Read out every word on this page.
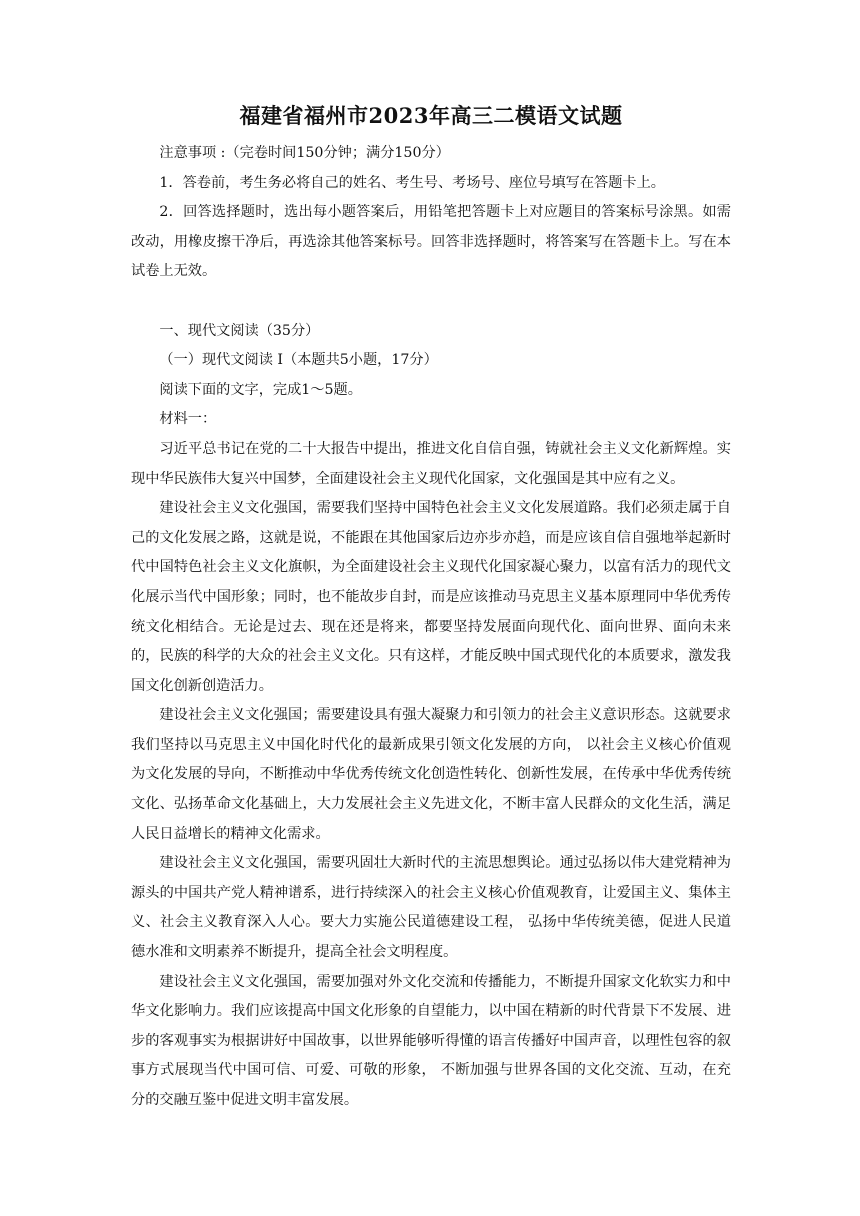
福建省福州市2023年高三二模语文试题

注意事项 :（完卷时间150分钟；满分150分）

1．答卷前，考生务必将自己的姓名、考生号、考场号、座位号填写在答题卡上。

2．回答选择题时，选出每小题答案后，用铅笔把答题卡上对应题目的答案标号涂黑。如需改动，用橡皮擦干净后，再选涂其他答案标号。回答非选择题时，将答案写在答题卡上。写在本试卷上无效。

一、现代文阅读（35分）

（一）现代文阅读 I（本题共5小题，17分）

阅读下面的文字，完成1～5题。

材料一：

习近平总书记在党的二十大报告中提出，推进文化自信自强，铸就社会主义文化新辉煌。实现中华民族伟大复兴中国梦，全面建设社会主义现代化国家，文化强国是其中应有之义。

建设社会主义文化强国，需要我们坚持中国特色社会主义文化发展道路。我们必须走属于自己的文化发展之路，这就是说，不能跟在其他国家后边亦步亦趋，而是应该自信自强地举起新时代中国特色社会主义文化旗帜，为全面建设社会主义现代化国家凝心聚力，以富有活力的现代文化展示当代中国形象；同时，也不能故步自封，而是应该推动马克思主义基本原理同中华优秀传统文化相结合。无论是过去、现在还是将来，都要坚持发展面向现代化、面向世界、面向未来的，民族的科学的大众的社会主义文化。只有这样，才能反映中国式现代化的本质要求，激发我国文化创新创造活力。

建设社会主义文化强国；需要建设具有强大凝聚力和引领力的社会主义意识形态。这就要求我们坚持以马克思主义中国化时代化的最新成果引领文化发展的方向， 以社会主义核心价值观为文化发展的导向，不断推动中华优秀传统文化创造性转化、创新性发展，在传承中华优秀传统文化、弘扬革命文化基础上，大力发展社会主义先进文化，不断丰富人民群众的文化生活，满足人民日益增长的精神文化需求。

建设社会主义文化强国，需要巩固壮大新时代的主流思想舆论。通过弘扬以伟大建党精神为源头的中国共产党人精神谱系，进行持续深入的社会主义核心价值观教育，让爱国主义、集体主义、社会主义教育深入人心。要大力实施公民道德建设工程， 弘扬中华传统美德，促进人民道德水准和文明素养不断提升，提高全社会文明程度。

建设社会主义文化强国，需要加强对外文化交流和传播能力，不断提升国家文化软实力和中华文化影响力。我们应该提高中国文化形象的自望能力，以中国在精新的时代背景下不发展、进步的客观事实为根据讲好中国故事，以世界能够听得懂的语言传播好中国声音，以理性包容的叙事方式展现当代中国可信、可爱、可敬的形象， 不断加强与世界各国的文化交流、互动，在充分的交融互鉴中促进文明丰富发展。
